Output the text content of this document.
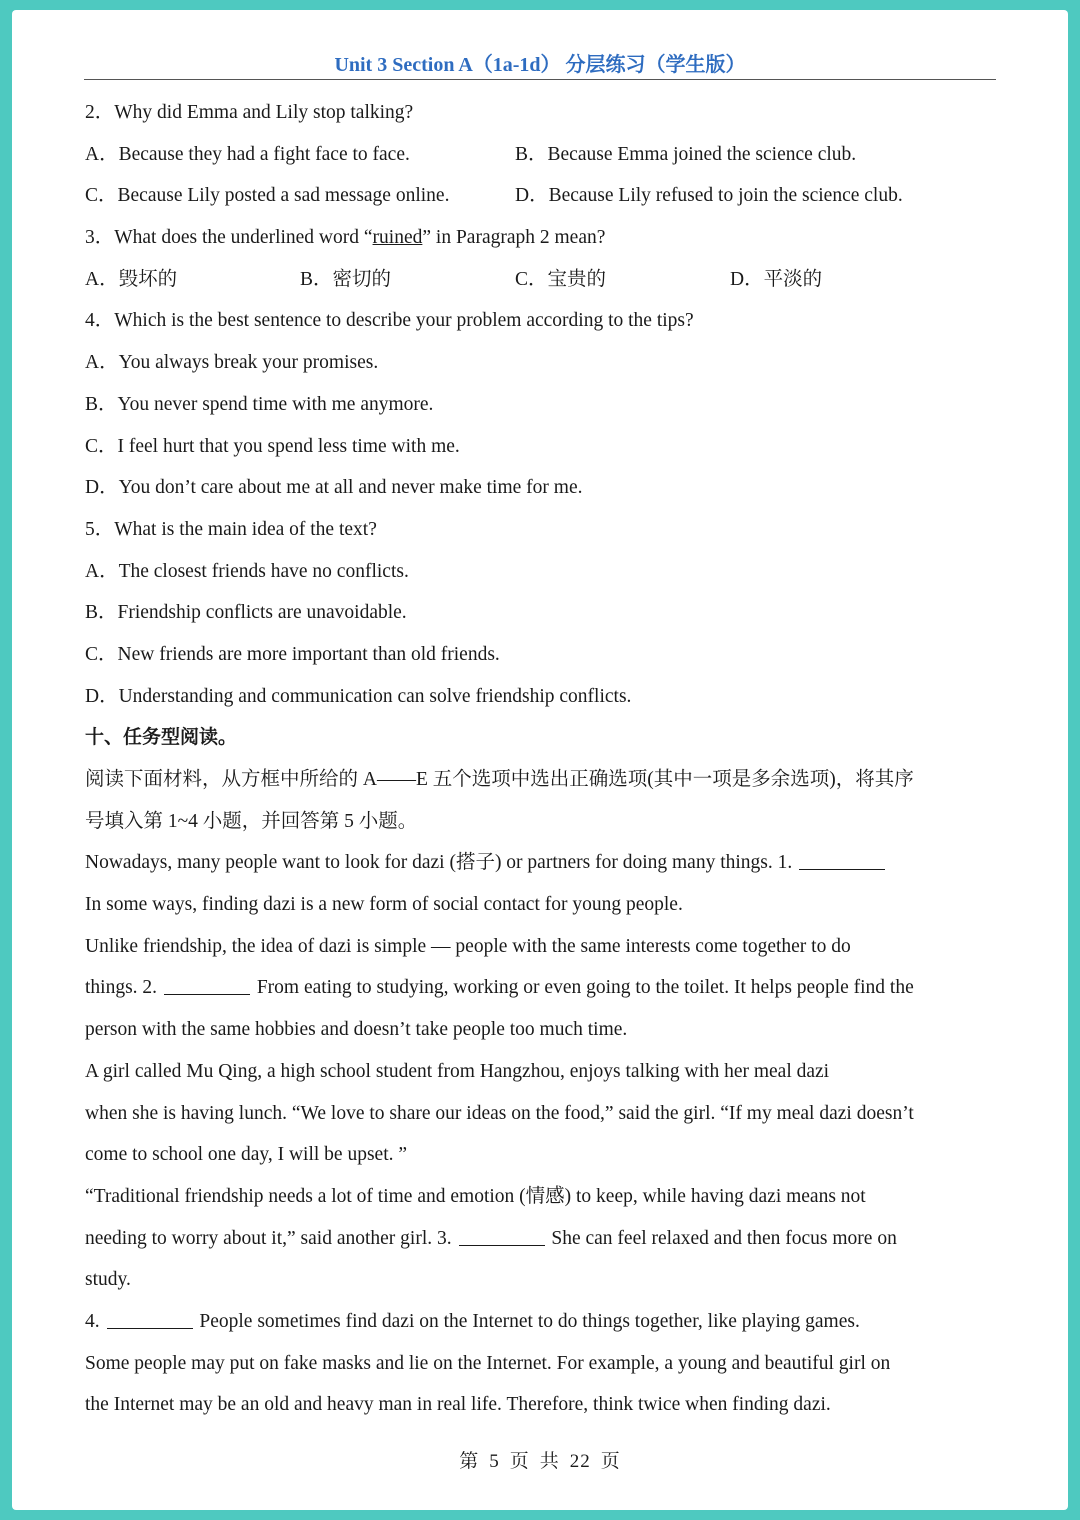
Unit 3 Section A（1a-1d） 分层练习（学生版）
2．Why did Emma and Lily stop talking?
A．Because they had a fight face to face.	B．Because Emma joined the science club.
C．Because Lily posted a sad message online.	D．Because Lily refused to join the science club.
3．What does the underlined word “ruined” in Paragraph 2 mean?
A．毁坏的	B．密切的	C．宝贵的	D．平淡的
4．Which is the best sentence to describe your problem according to the tips?
A．You always break your promises.
B．You never spend time with me anymore.
C．I feel hurt that you spend less time with me.
D．You don’t care about me at all and never make time for me.
5．What is the main idea of the text?
A．The closest friends have no conflicts.
B．Friendship conflicts are unavoidable.
C．New friends are more important than old friends.
D．Understanding and communication can solve friendship conflicts.
十、任务型阅读。
阅读下面材料，从方框中所给的 A——E 五个选项中选出正确选项(其中一项是多余选项)，将其序
号填入第 1~4 小题，并回答第 5 小题。
Nowadays, many people want to look for dazi (搭子) or partners for doing many things. 1.
In some ways, finding dazi is a new form of social contact for young people.
Unlike friendship, the idea of dazi is simple — people with the same interests come together to do
things. 2.	From eating to studying, working or even going to the toilet. It helps people find the
person with the same hobbies and doesn’t take people too much time.
A girl called Mu Qing, a high school student from Hangzhou, enjoys talking with her meal dazi
when she is having lunch. “We love to share our ideas on the food,” said the girl. “If my meal dazi doesn’t
come to school one day, I will be upset. ”
“Traditional friendship needs a lot of time and emotion (情感) to keep, while having dazi means not
needing to worry about it,” said another girl. 3.	She can feel relaxed and then focus more on
study.
4.	People sometimes find dazi on the Internet to do things together, like playing games.
Some people may put on fake masks and lie on the Internet. For example, a young and beautiful girl on
the Internet may be an old and heavy man in real life. Therefore, think twice when finding dazi.
第 5 页 共 22 页
